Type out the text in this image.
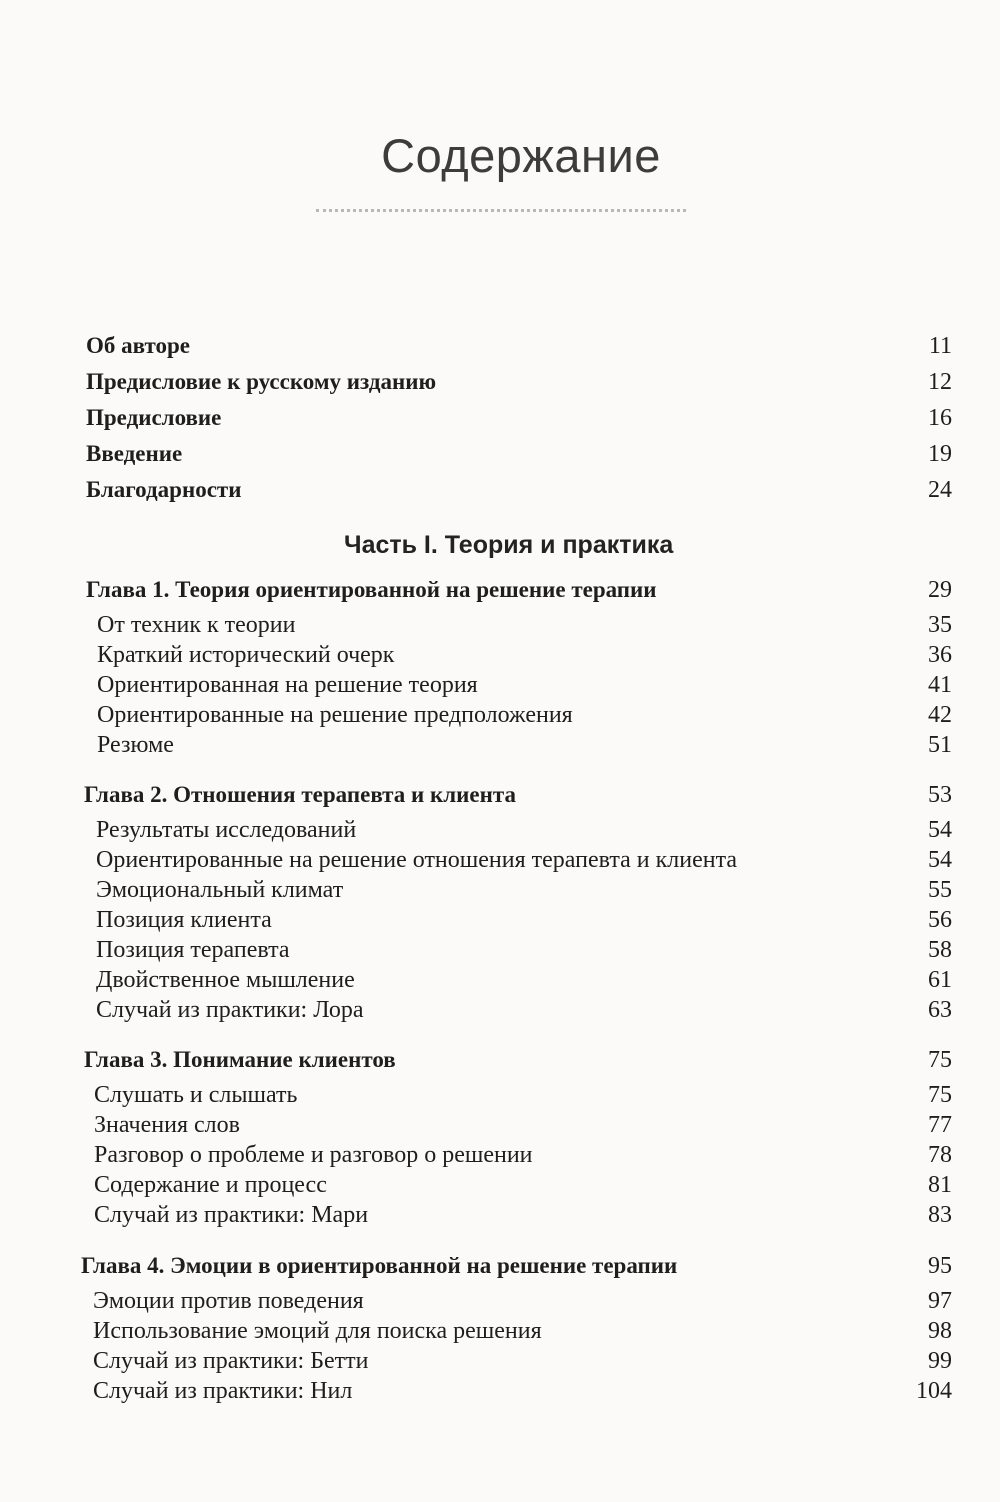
Содержание
Об авторе	11
Предисловие к русскому изданию	12
Предисловие	16
Введение	19
Благодарности	24
Часть I. Теория и практика
Глава 1. Теория ориентированной на решение терапии	29
От техник к теории	35
Краткий исторический очерк	36
Ориентированная на решение теория	41
Ориентированные на решение предположения	42
Резюме	51
Глава 2. Отношения терапевта и клиента	53
Результаты исследований	54
Ориентированные на решение отношения терапевта и клиента	54
Эмоциональный климат	55
Позиция клиента	56
Позиция терапевта	58
Двойственное мышление	61
Случай из практики: Лора	63
Глава 3. Понимание клиентов	75
Слушать и слышать	75
Значения слов	77
Разговор о проблеме и разговор о решении	78
Содержание и процесс	81
Случай из практики: Мари	83
Глава 4. Эмоции в ориентированной на решение терапии	95
Эмоции против поведения	97
Использование эмоций для поиска решения	98
Случай из практики: Бетти	99
Случай из практики: Нил	104
